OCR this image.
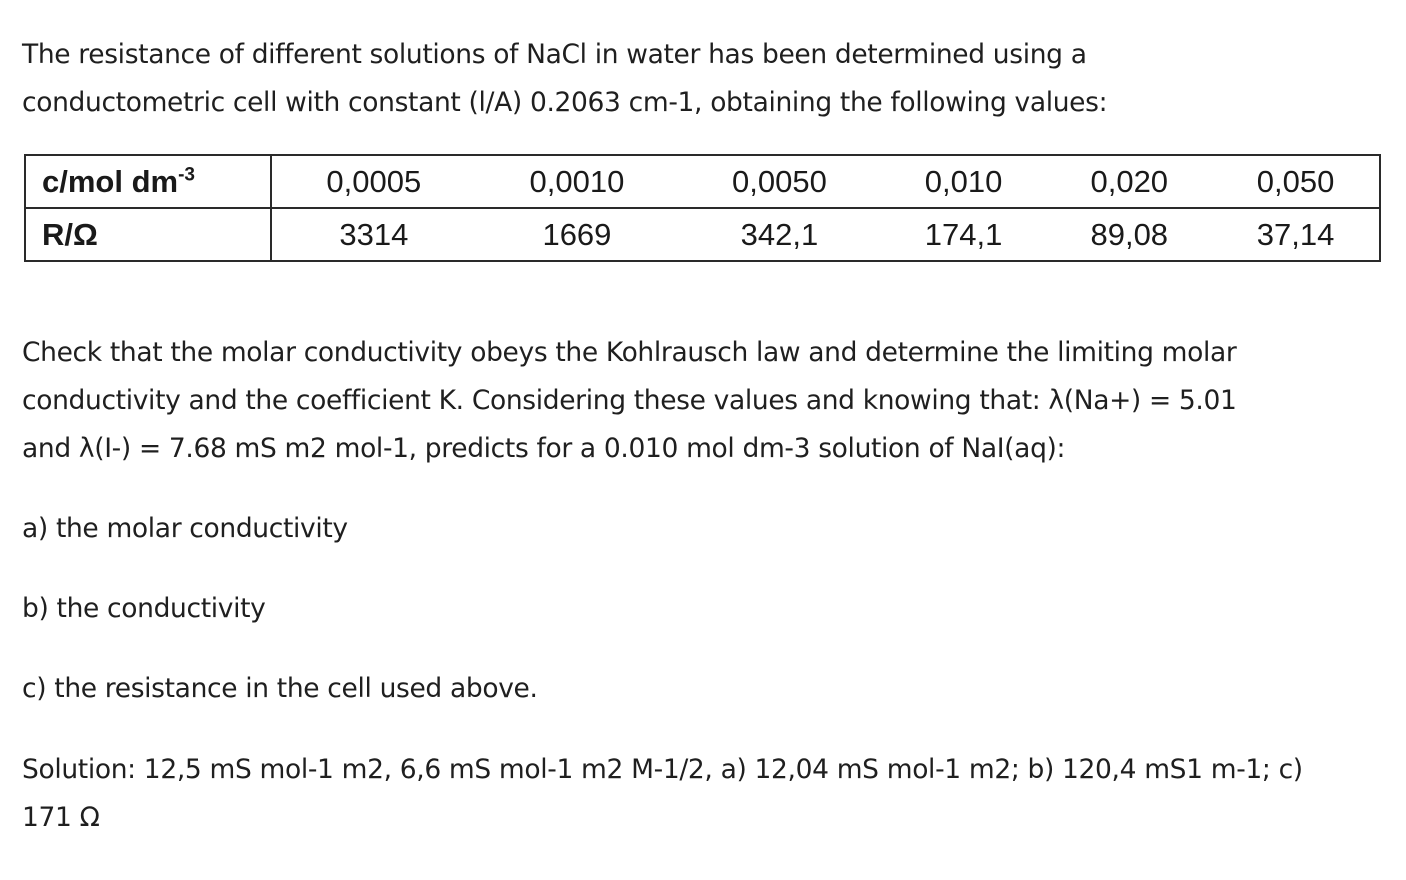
The resistance of different solutions of NaCl in water has been determined using a
conductometric cell with constant (l/A) 0.2063 cm-1, obtaining the following values:
c/mol $dm^{-3}$	0,0005	0,0010	0,0050	0,010	0,020	0,050
R/Ω	3314	1669	342,1	174,1	89,08	37,14
Check that the molar conductivity obeys the Kohlrausch law and determine the limiting molar
conductivity and the coefficient K. Considering these values and knowing that: λ(Na+) = 5.01
and λ(I-) = 7.68 mS m2 mol-1, predicts for a 0.010 mol dm-3 solution of NaI(aq):
a) the molar conductivity
b) the conductivity
c) the resistance in the cell used above.
Solution: 12,5 mS mol-1 m2, 6,6 mS mol-1 m2 M-1/2, a) 12,04 mS mol-1 m2; b) 120,4 mS1 m-1; c)
171 Ω
